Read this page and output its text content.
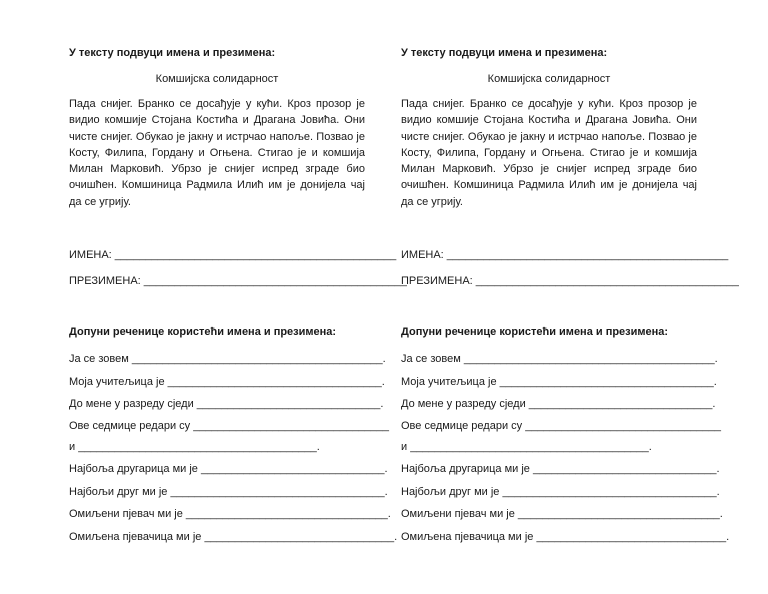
У тексту подвуци имена и презимена:
Комшијска солидарност

Пада снијег. Бранко се досађује у кући. Кроз прозор је видио комшије Стојана Костића и Драгана Јовића. Они чисте снијег. Обукао је јакну и истрчао напоље. Позвао је Косту, Филипа, Гордану и Огњена. Стигао је и комшија Милан Марковић. Убрзо је снијег испред зграде био очишћен. Комшиница Радмила Илић им је донијела чај да се угрију.

ИМЕНА: ______________________________________________
ПРЕЗИМЕНА: ___________________________________________
Допуни реченице користећи имена и презимена:
Ја се зовем _________________________________________.
Моја учитељица је ___________________________________.
До мене у разреду сједи ______________________________.
Ове седмице редари су ________________________________
и _______________________________________.
Најбоља другарица ми је ______________________________.
Најбољи друг ми је ___________________________________.
Омиљени пјевач ми је _________________________________.
Омиљена пјевачица ми је _______________________________.
У тексту подвуци имена и презимена:
Комшијска солидарност

Пада снијег. Бранко се досађује у кући. Кроз прозор је видио комшије Стојана Костића и Драгана Јовића. Они чисте снијег. Обукао је јакну и истрчао напоље. Позвао је Косту, Филипа, Гордану и Огњена. Стигао је и комшија Милан Марковић. Убрзо је снијег испред зграде био очишћен. Комшиница Радмила Илић им је донијела чај да се угрију.

ИМЕНА: ______________________________________________
ПРЕЗИМЕНА: ___________________________________________
Допуни реченице користећи имена и презимена:
Ја се зовем _________________________________________.
Моја учитељица је ___________________________________.
До мене у разреду сједи ______________________________.
Ове седмице редари су ________________________________
и _______________________________________.
Најбоља другарица ми је ______________________________.
Најбољи друг ми је ___________________________________.
Омиљени пјевач ми је _________________________________.
Омиљена пјевачица ми је _______________________________.
